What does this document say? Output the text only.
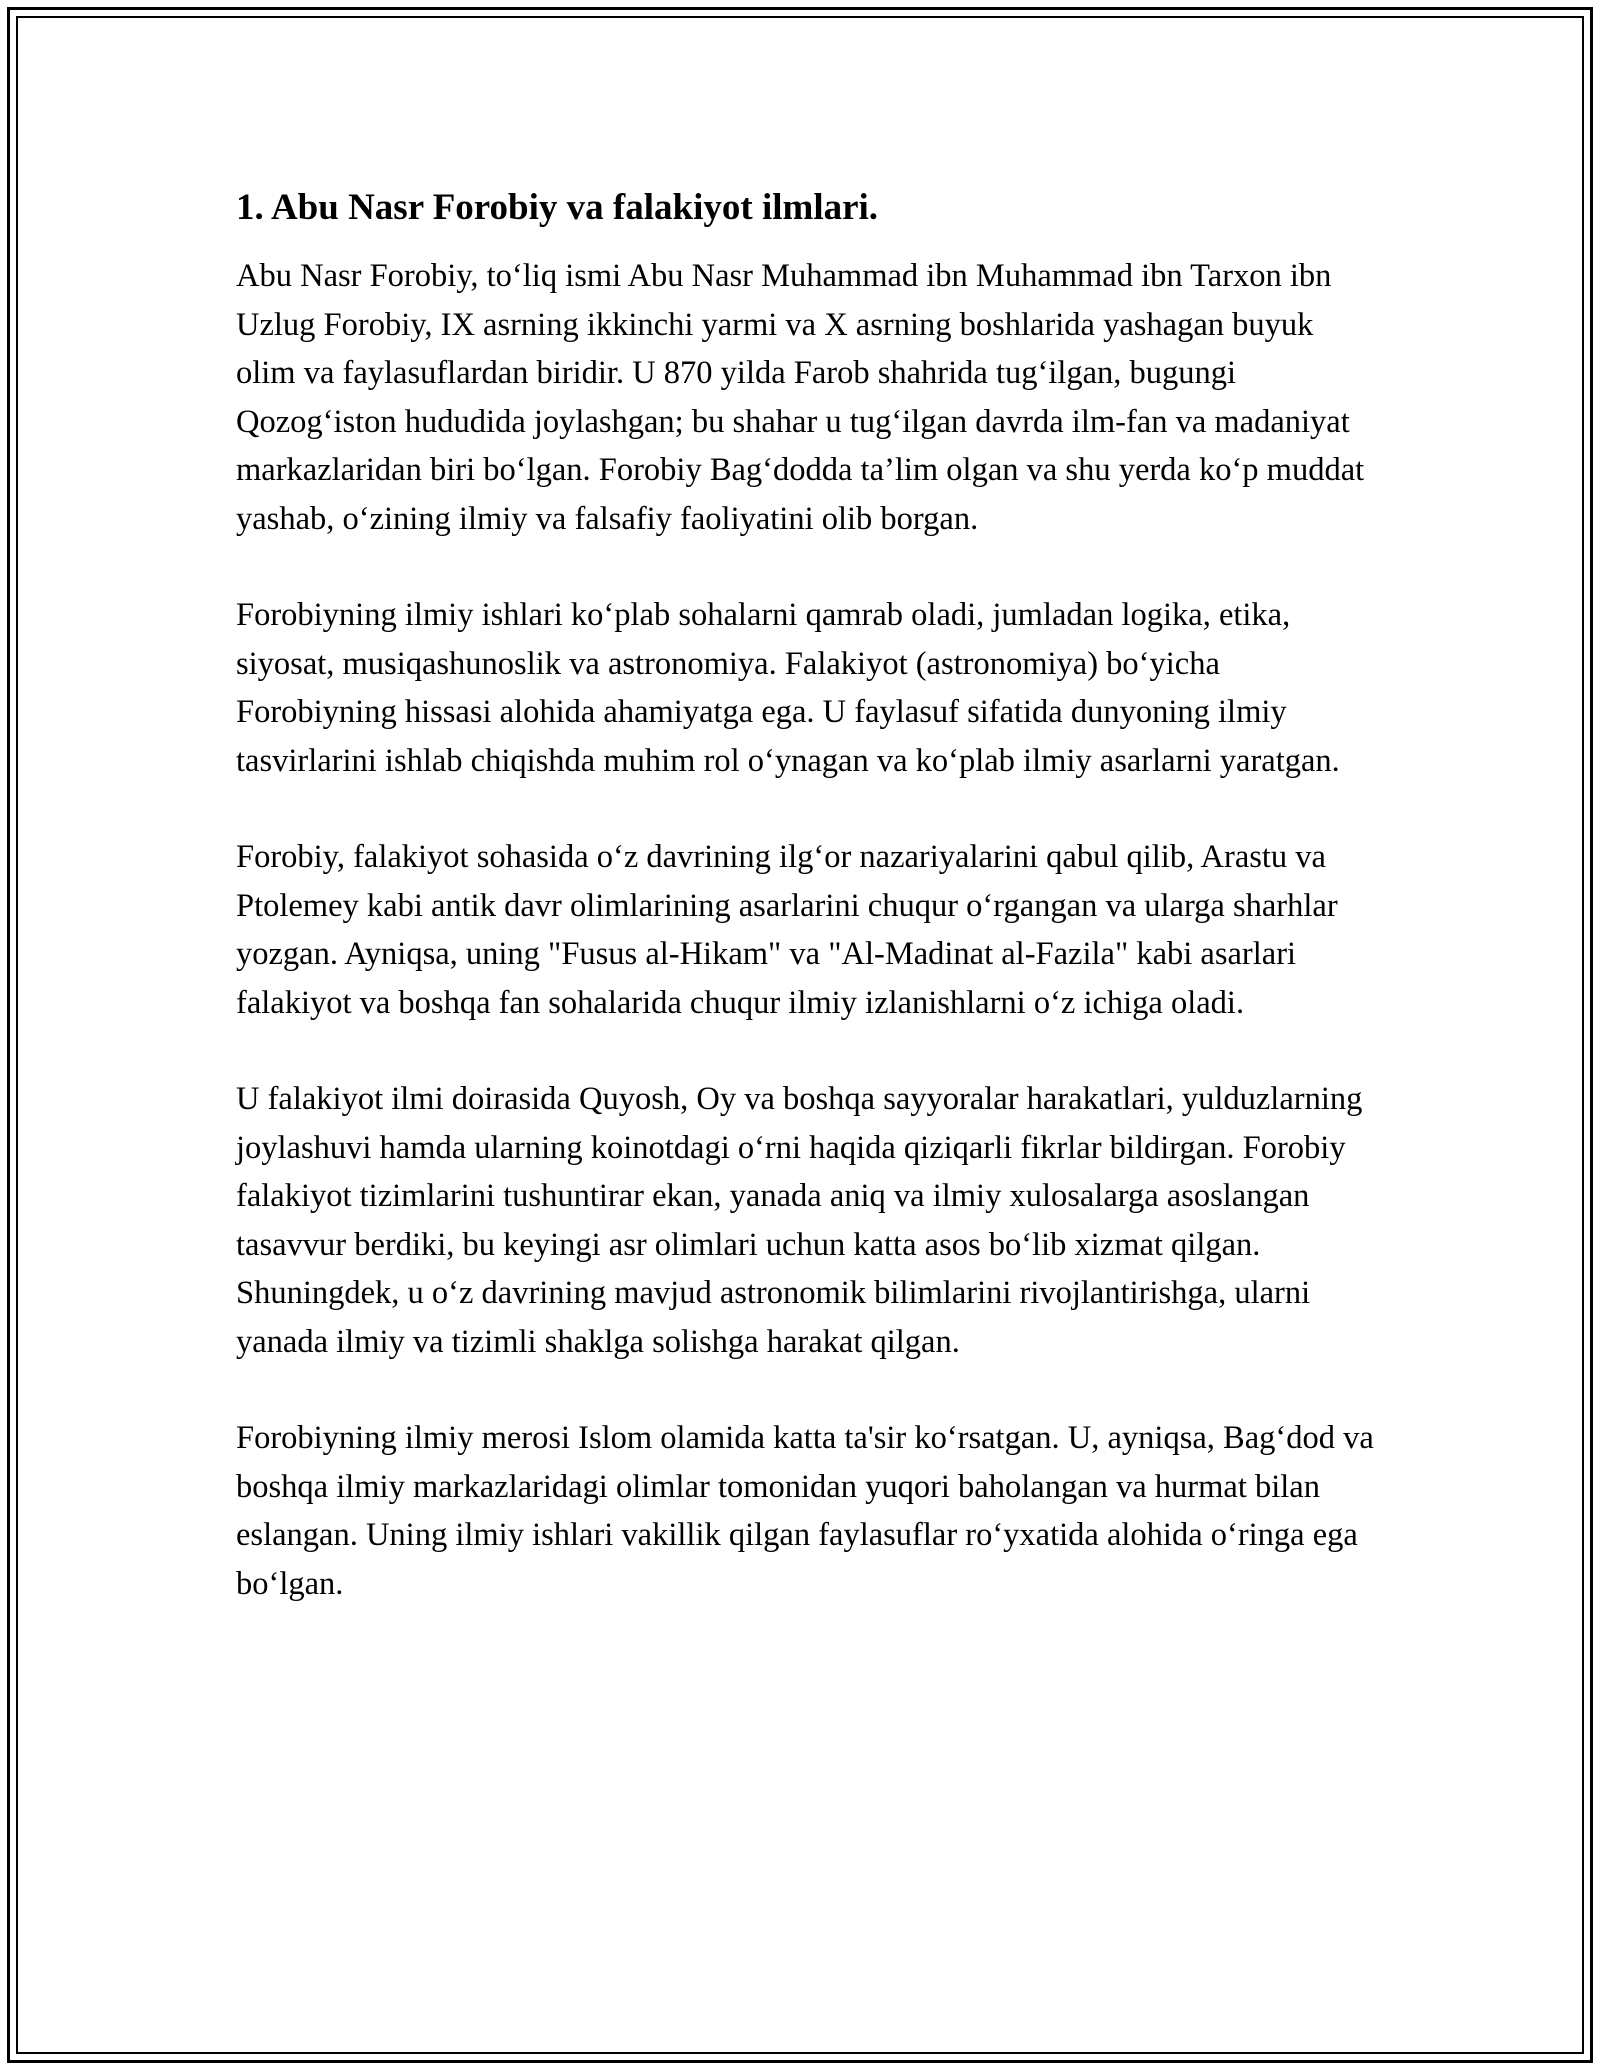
1. Abu Nasr Forobiy va falakiyot ilmlari.

Abu Nasr Forobiy, to‘liq ismi Abu Nasr Muhammad ibn Muhammad ibn Tarxon ibn Uzlug Forobiy, IX asrning ikkinchi yarmi va X asrning boshlarida yashagan buyuk olim va faylasuflardan biridir. U 870 yilda Farob shahrida tug‘ilgan, bugungi Qozog‘iston hududida joylashgan; bu shahar u tug‘ilgan davrda ilm-fan va madaniyat markazlaridan biri bo‘lgan. Forobiy Bag‘dodda ta’lim olgan va shu yerda ko‘p muddat yashab, o‘zining ilmiy va falsafiy faoliyatini olib borgan.

Forobiyning ilmiy ishlari ko‘plab sohalarni qamrab oladi, jumladan logika, etika, siyosat, musiqashunoslik va astronomiya. Falakiyot (astronomiya) bo‘yicha Forobiyning hissasi alohida ahamiyatga ega. U faylasuf sifatida dunyoning ilmiy tasvirlarini ishlab chiqishda muhim rol o‘ynagan va ko‘plab ilmiy asarlarni yaratgan.

Forobiy, falakiyot sohasida o‘z davrining ilg‘or nazariyalarini qabul qilib, Arastu va Ptolemey kabi antik davr olimlarining asarlarini chuqur o‘rgangan va ularga sharhlar yozgan. Ayniqsa, uning "Fusus al-Hikam" va "Al-Madinat al-Fazila" kabi asarlari falakiyot va boshqa fan sohalarida chuqur ilmiy izlanishlarni o‘z ichiga oladi.

U falakiyot ilmi doirasida Quyosh, Oy va boshqa sayyoralar harakatlari, yulduzlarning joylashuvi hamda ularning koinotdagi o‘rni haqida qiziqarli fikrlar bildirgan. Forobiy falakiyot tizimlarini tushuntirar ekan, yanada aniq va ilmiy xulosalarga asoslangan tasavvur berdiki, bu keyingi asr olimlari uchun katta asos bo‘lib xizmat qilgan. Shuningdek, u o‘z davrining mavjud astronomik bilimlarini rivojlantirishga, ularni yanada ilmiy va tizimli shaklga solishga harakat qilgan.

Forobiyning ilmiy merosi Islom olamida katta ta'sir ko‘rsatgan. U, ayniqsa, Bag‘dod va boshqa ilmiy markazlaridagi olimlar tomonidan yuqori baholangan va hurmat bilan eslangan. Uning ilmiy ishlari vakillik qilgan faylasuflar ro‘yxatida alohida o‘ringa ega bo‘lgan.
